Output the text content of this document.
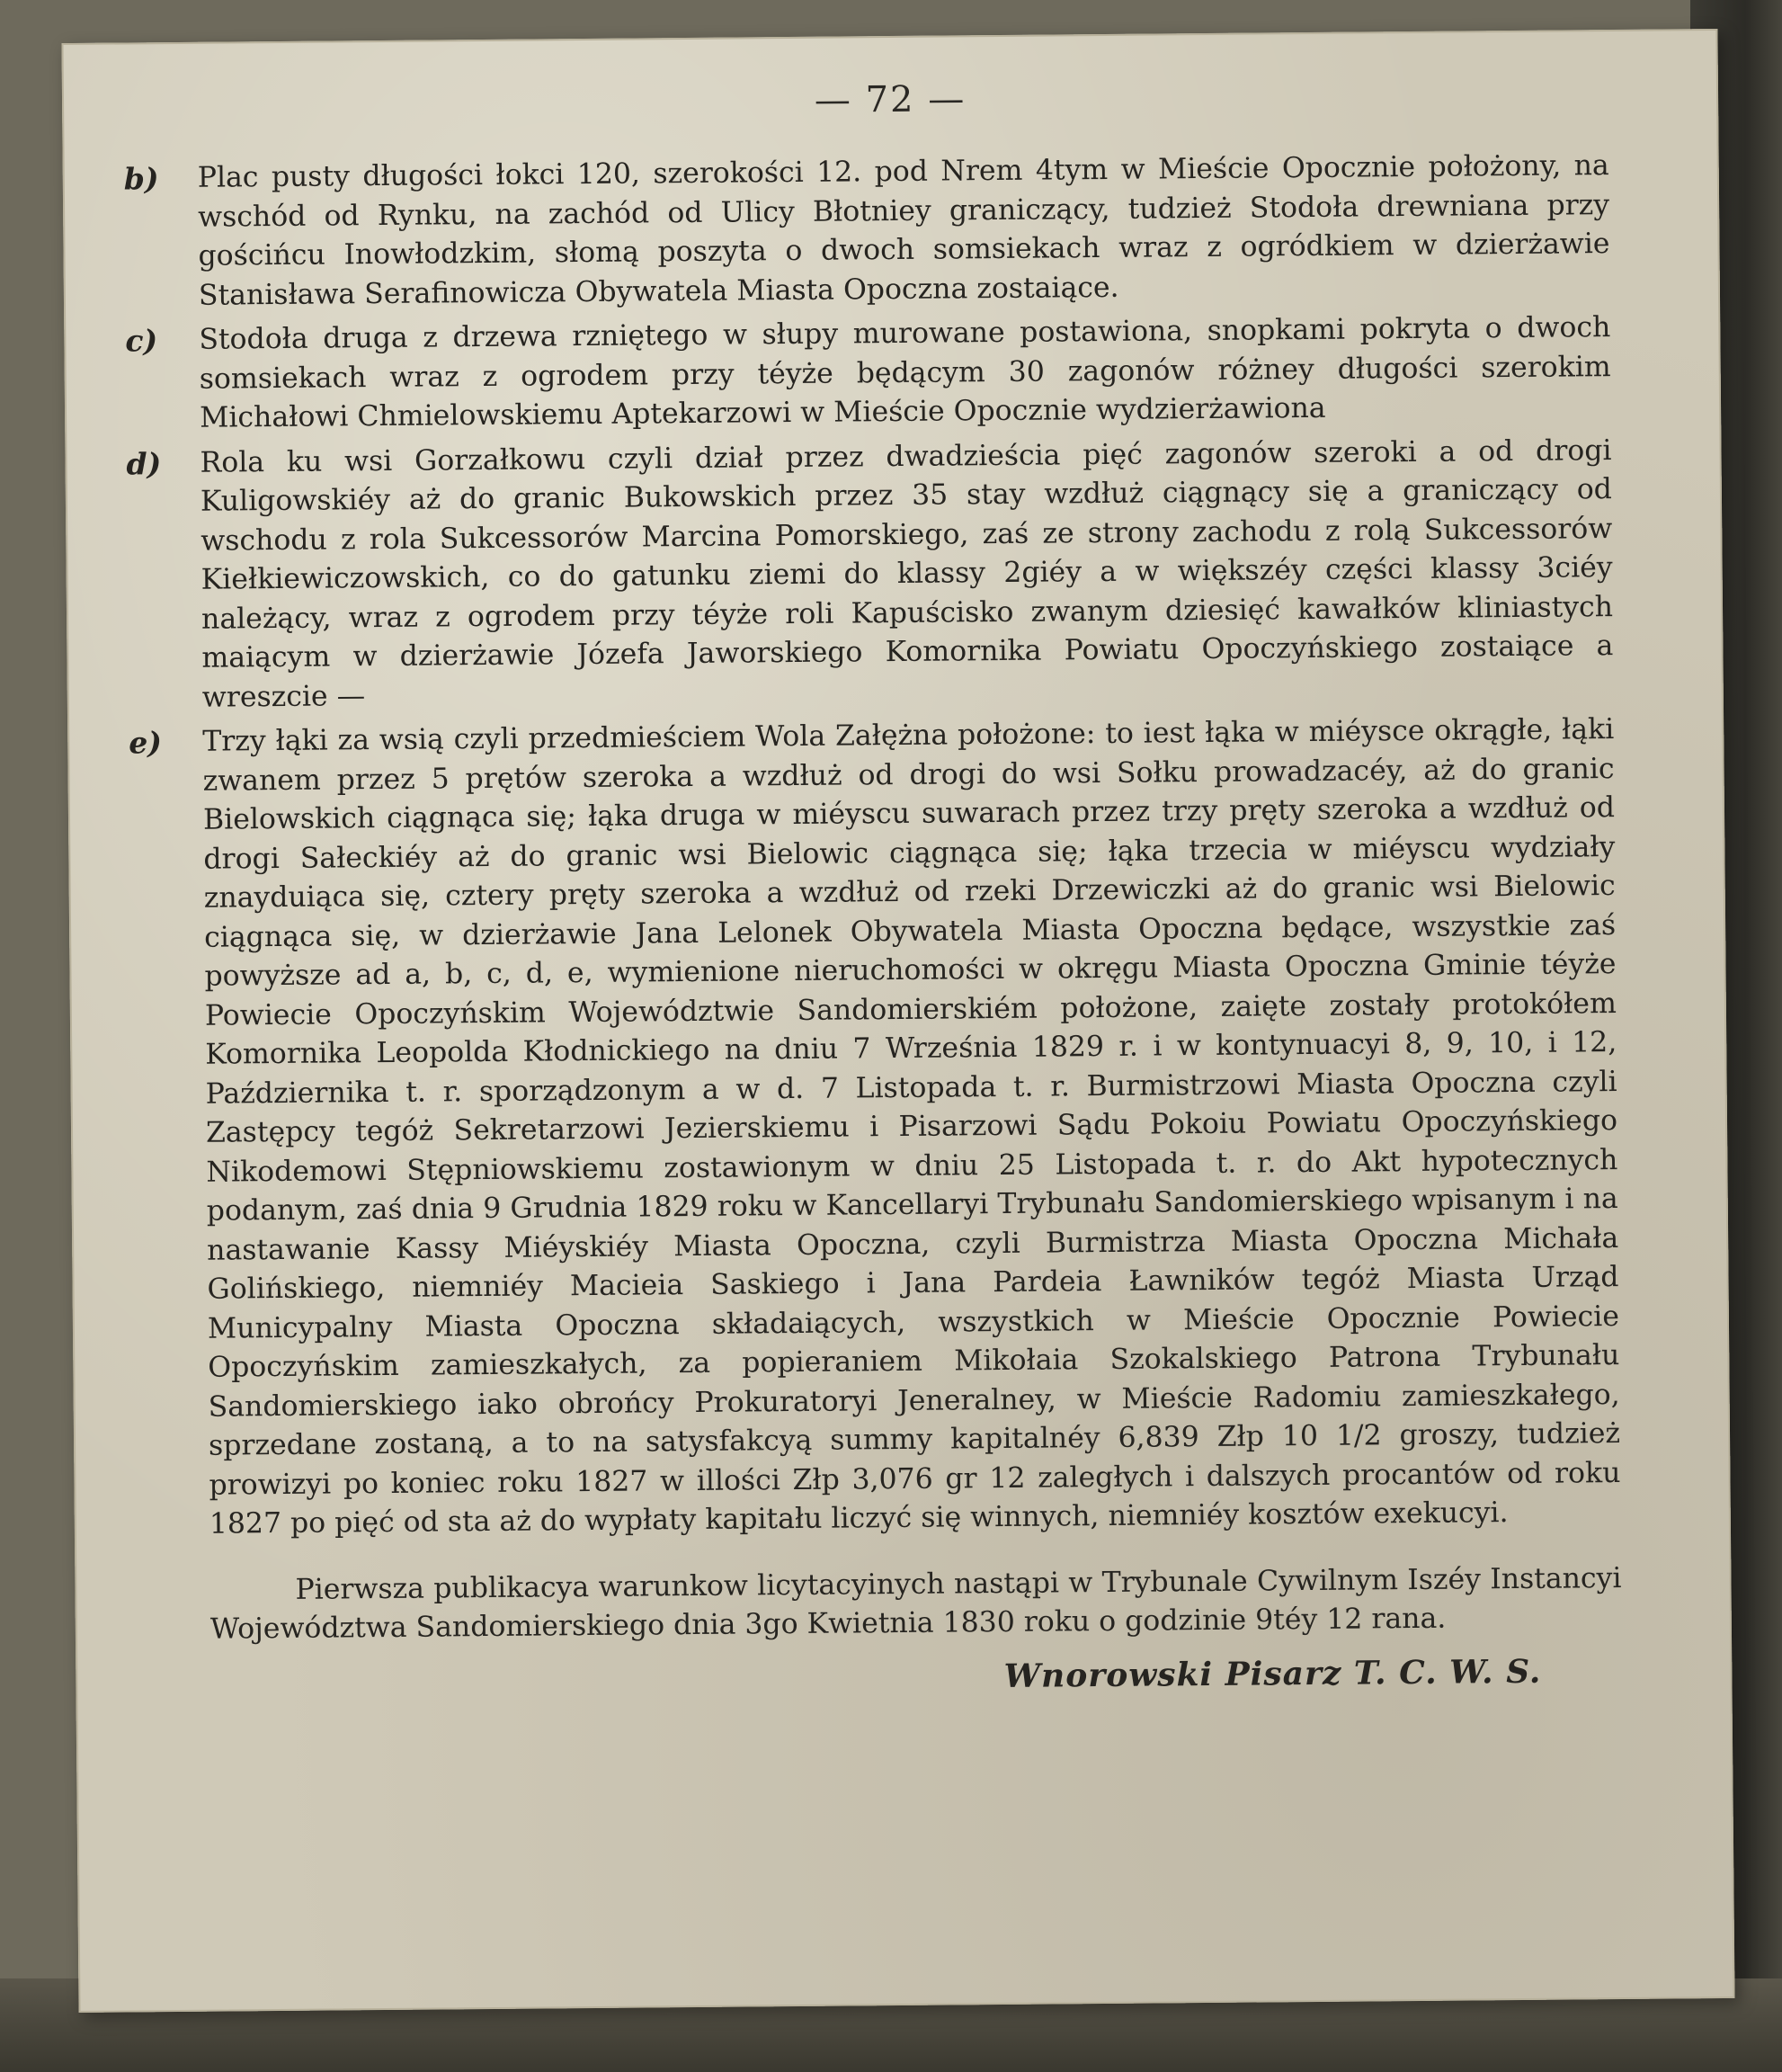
— 72 —
b)	Plac pusty długości łokci 120, szerokości 12. pod Nrem 4tym w Mieście Opocznie położony, na wschód od Rynku, na zachód od Ulicy Błotniey graniczący, tudzież Stodoła drewniana przy gościńcu Inowłodzkim, słomą poszyta o dwoch somsiekach wraz z ogródkiem w dzierżawie Stanisława Serafinowicza Obywatela Miasta Opoczna zostaiące.
c)	Stodoła druga z drzewa rzniętego w słupy murowane postawiona, snopkami pokryta o dwoch somsiekach wraz z ogrodem przy téyże będącym 30 zagonów różney długości szerokim Michałowi Chmielowskiemu Aptekarzowi w Mieście Opocznie wydzierżawiona
d)	Rola ku wsi Gorzałkowu czyli dział przez dwadzieścia pięć zagonów szeroki a od drogi Kuligowskiéy aż do granic Bukowskich przez 35 stay wzdłuż ciągnący się a graniczący od wschodu z rola Sukcessorów Marcina Pomorskiego, zaś ze strony zachodu z rolą Sukcessorów Kiełkiewiczowskich, co do gatunku ziemi do klassy 2giéy a w większéy części klassy 3ciéy należący, wraz z ogrodem przy téyże roli Kapuścisko zwanym dziesięć kawałków kliniastych maiącym w dzierżawie Józefa Jaworskiego Komornika Powiatu Opoczyńskiego zostaiące a wreszcie —
e)	Trzy łąki za wsią czyli przedmieściem Wola Załężna położone: to iest łąka w miéysce okrągłe, łąki zwanem przez 5 prętów szeroka a wzdłuż od drogi do wsi Sołku prowadzacéy, aż do granic Bielowskich ciągnąca się; łąka druga w miéyscu suwarach przez trzy pręty szeroka a wzdłuż od drogi Sałeckiéy aż do granic wsi Bielowic ciągnąca się; łąka trzecia w miéyscu wydziały znayduiąca się, cztery pręty szeroka a wzdłuż od rzeki Drzewiczki aż do granic wsi Bielowic ciągnąca się, w dzierżawie Jana Lelonek Obywatela Miasta Opoczna będące, wszystkie zaś powyższe ad a, b, c, d, e, wymienione nieruchomości w okręgu Miasta Opoczna Gminie téyże Powiecie Opoczyńskim Województwie Sandomierskiém położone, zaięte zostały protokółem Komornika Leopolda Kłodnickiego na dniu 7 Września 1829 r. i w kontynuacyi 8, 9, 10, i 12, Października t. r. sporządzonym a w d. 7 Listopada t. r. Burmistrzowi Miasta Opoczna czyli Zastępcy tegóż Sekretarzowi Jezierskiemu i Pisarzowi Sądu Pokoiu Powiatu Opoczyńskiego Nikodemowi Stępniowskiemu zostawionym w dniu 25 Listopada t. r. do Akt hypotecznych podanym, zaś dnia 9 Grudnia 1829 roku w Kancellaryi Trybunału Sandomierskiego wpisanym i na nastawanie Kassy Miéyskiéy Miasta Opoczna, czyli Burmistrza Miasta Opoczna Michała Golińskiego, niemniéy Macieia Saskiego i Jana Pardeia Ławników tegóż Miasta Urząd Municypalny Miasta Opoczna składaiących, wszystkich w Mieście Opocznie Powiecie Opoczyńskim zamieszkałych, za popieraniem Mikołaia Szokalskiego Patrona Trybunału Sandomierskiego iako obrońcy Prokuratoryi Jeneralney, w Mieście Radomiu zamieszkałego, sprzedane zostaną, a to na satysfakcyą summy kapitalnéy 6,839 Złp 10 1/2 groszy, tudzież prowizyi po koniec roku 1827 w illości Złp 3,076 gr 12 zaległych i dalszych procantów od roku 1827 po pięć od sta aż do wypłaty kapitału liczyć się winnych, niemniéy kosztów exekucyi.
Pierwsza publikacya warunkow licytacyinych nastąpi w Trybunale Cywilnym Iszéy Instancyi Województwa Sandomierskiego dnia 3go Kwietnia 1830 roku o godzinie 9téy 12 rana.
Wnorowski Pisarz T. C. W. S.
